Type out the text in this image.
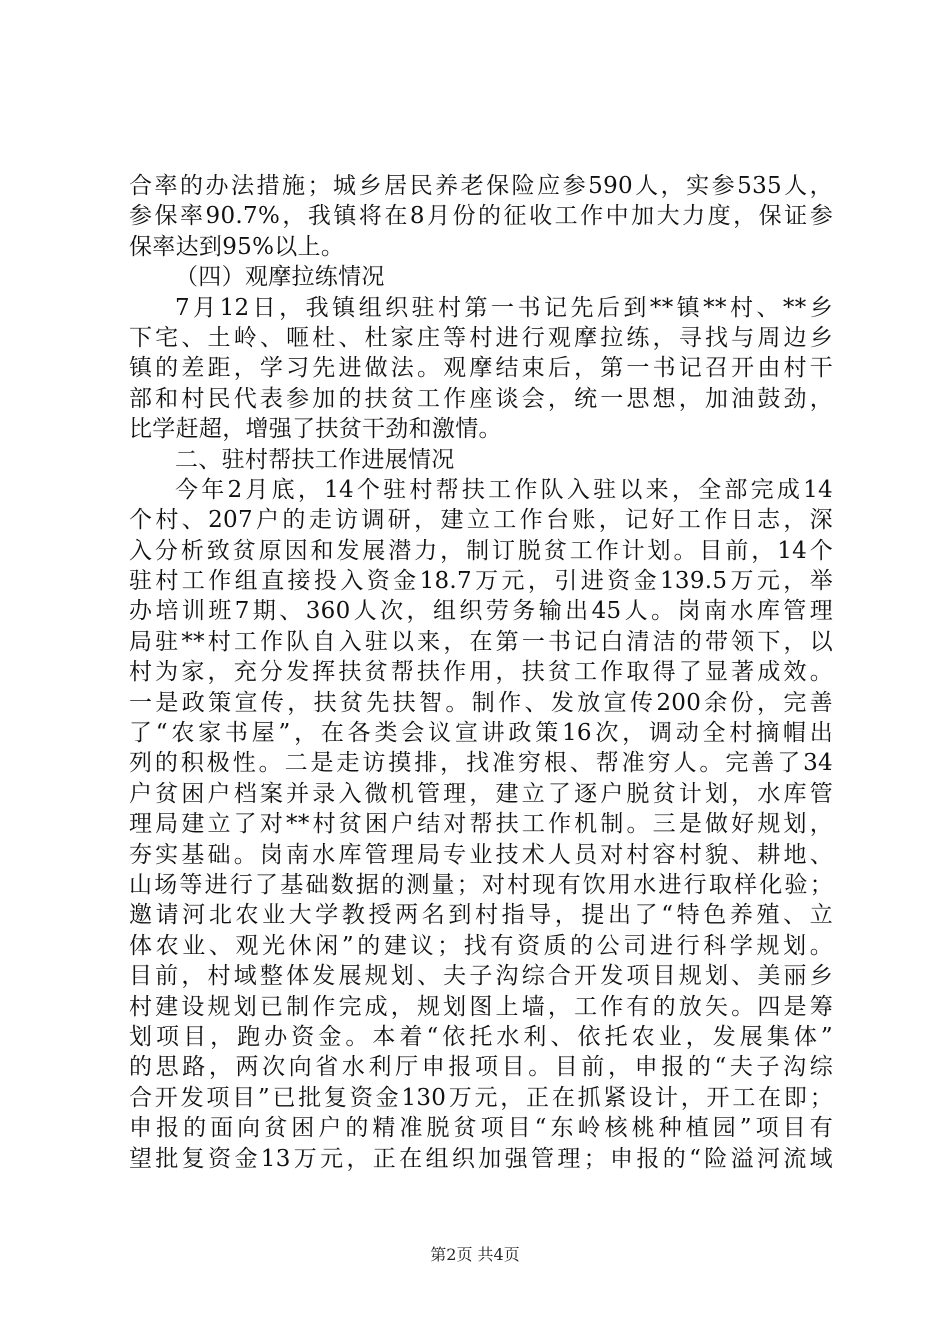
合率的办法措施；城乡居民养老保险应参590人，实参535人，
参保率90.7%，我镇将在8月份的征收工作中加大力度，保证参
保率达到95%以上。
（四）观摩拉练情况
7月12日，我镇组织驻村第一书记先后到**镇**村、**乡
下宅、土岭、咂杜、杜家庄等村进行观摩拉练，寻找与周边乡
镇的差距，学习先进做法。观摩结束后，第一书记召开由村干
部和村民代表参加的扶贫工作座谈会，统一思想，加油鼓劲，
比学赶超，增强了扶贫干劲和激情。
二、驻村帮扶工作进展情况
今年2月底，14个驻村帮扶工作队入驻以来，全部完成14
个村、207户的走访调研，建立工作台账，记好工作日志，深
入分析致贫原因和发展潜力，制订脱贫工作计划。目前，14个
驻村工作组直接投入资金18.7万元，引进资金139.5万元，举
办培训班7期、360人次，组织劳务输出45人。岗南水库管理
局驻**村工作队自入驻以来，在第一书记白清洁的带领下，以
村为家，充分发挥扶贫帮扶作用，扶贫工作取得了显著成效。
一是政策宣传，扶贫先扶智。制作、发放宣传200余份，完善
了“农家书屋”，在各类会议宣讲政策16次，调动全村摘帽出
列的积极性。二是走访摸排，找准穷根、帮准穷人。完善了34
户贫困户档案并录入微机管理，建立了逐户脱贫计划，水库管
理局建立了对**村贫困户结对帮扶工作机制。三是做好规划，
夯实基础。岗南水库管理局专业技术人员对村容村貌、耕地、
山场等进行了基础数据的测量；对村现有饮用水进行取样化验；
邀请河北农业大学教授两名到村指导，提出了“特色养殖、立
体农业、观光休闲”的建议；找有资质的公司进行科学规划。
目前，村域整体发展规划、夫子沟综合开发项目规划、美丽乡
村建设规划已制作完成，规划图上墙，工作有的放矢。四是筹
划项目，跑办资金。本着“依托水利、依托农业，发展集体”
的思路，两次向省水利厅申报项目。目前，申报的“夫子沟综
合开发项目”已批复资金130万元，正在抓紧设计，开工在即；
申报的面向贫困户的精准脱贫项目“东岭核桃种植园”项目有
望批复资金13万元，正在组织加强管理；申报的“险溢河流域
第2页 共4页
